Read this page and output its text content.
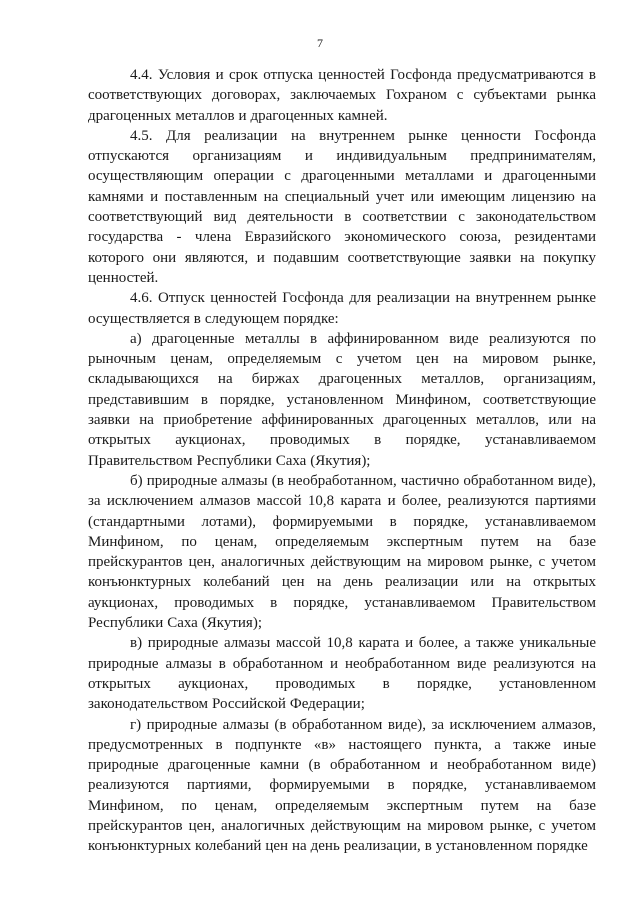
7

4.4. Условия и срок отпуска ценностей Госфонда предусматриваются в соответствующих договорах, заключаемых Гохраном с субъектами рынка драгоценных металлов и драгоценных камней.

4.5. Для реализации на внутреннем рынке ценности Госфонда отпускаются организациям и индивидуальным предпринимателям, осуществляющим операции с драгоценными металлами и драгоценными камнями и поставленным на специальный учет или имеющим лицензию на соответствующий вид деятельности в соответствии с законодательством государства - члена Евразийского экономического союза, резидентами которого они являются, и подавшим соответствующие заявки на покупку ценностей.

4.6. Отпуск ценностей Госфонда для реализации на внутреннем рынке осуществляется в следующем порядке:

а) драгоценные металлы в аффинированном виде реализуются по рыночным ценам, определяемым с учетом цен на мировом рынке, складывающихся на биржах драгоценных металлов, организациям, представившим в порядке, установленном Минфином, соответствующие заявки на приобретение аффинированных драгоценных металлов, или на открытых аукционах, проводимых в порядке, устанавливаемом Правительством Республики Саха (Якутия);

б) природные алмазы (в необработанном, частично обработанном виде), за исключением алмазов массой 10,8 карата и более, реализуются партиями (стандартными лотами), формируемыми в порядке, устанавливаемом Минфином, по ценам, определяемым экспертным путем на базе прейскурантов цен, аналогичных действующим на мировом рынке, с учетом конъюнктурных колебаний цен на день реализации или на открытых аукционах, проводимых в порядке, устанавливаемом Правительством Республики Саха (Якутия);

в) природные алмазы массой 10,8 карата и более, а также уникальные природные алмазы в обработанном и необработанном виде реализуются на открытых аукционах, проводимых в порядке, установленном законодательством Российской Федерации;

г) природные алмазы (в обработанном виде), за исключением алмазов, предусмотренных в подпункте «в» настоящего пункта, а также иные природные драгоценные камни (в обработанном и необработанном виде) реализуются партиями, формируемыми в порядке, устанавливаемом Минфином, по ценам, определяемым экспертным путем на базе прейскурантов цен, аналогичных действующим на мировом рынке, с учетом конъюнктурных колебаний цен на день реализации, в установленном порядке
